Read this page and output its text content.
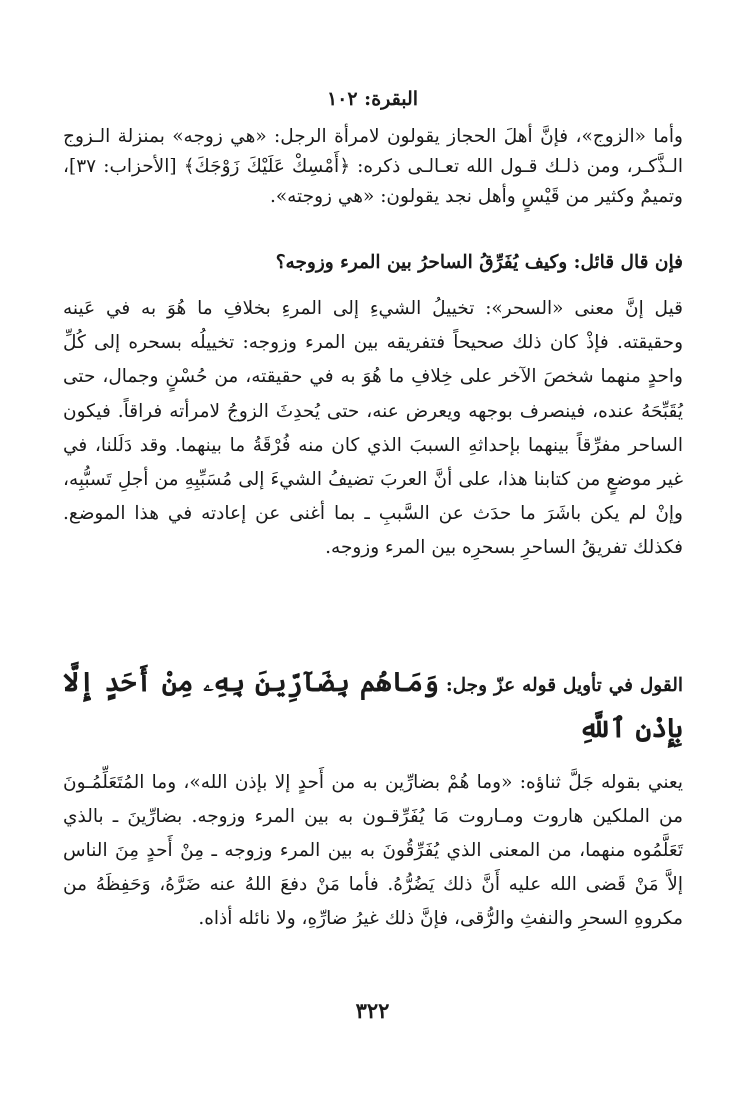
البقرة: ١٠٢

وأما «الزوج»، فإنَّ أهلَ الحجاز يقولون لامرأة الرجل: «هي زوجه» بمنزلة الـزوج الـذَّكـر، ومن ذلـك قـول الله تعـالـى ذكره: ﴿أَمْسِكْ عَلَيْكَ زَوْجَكَ﴾ [الأحزاب: ٣٧]، وتميمٌ وكثير من قَيْسٍ وأهل نجد يقولون: «هي زوجته».

فإن قال قائل: وكيف يُفَرِّقُ الساحرُ بين المرء وزوجه؟

قيل إنَّ معنى «السحر»: تخييلُ الشيءِ إلى المرءِ بخلافِ ما هُوَ به في عَينه وحقيقته. فإذْ كان ذلك صحيحاً فتفريقه بين المرء وزوجه: تخييلُه بسحره إلى كُلِّ واحدٍ منهما شخصَ الآخر على خِلافِ ما هُوَ به في حقيقته، من حُسْنٍ وجمال، حتى يُقَبِّحَهُ عنده، فينصرف بوجهه ويعرض عنه، حتى يُحدِثَ الزوجُ لامرأته فراقاً. فيكون الساحر مفرِّقاً بينهما بإحداثهِ السببَ الذي كان منه فُرْقَةُ ما بينهما. وقد دَلَلنا، في غير موضعٍ من كتابنا هذا، على أنَّ العربَ تضيفُ الشيءَ إلى مُسَبِّبِهِ من أجلِ تَسبُّبِه، وإنْ لم يكن باشَرَ ما حدَث عن السَّببِ ـ بما أغنى عن إعادته في هذا الموضع. فكذلك تفريقُ الساحرِ بسحرِه بين المرء وزوجه.

القول في تأويل قوله عزّ وجل: وَمَاهُم بِضَآرِّينَ بِهِۦ مِنْ أَحَدٍ إِلَّا بِإِذْنِ ٱللَّهِ

يعني بقوله جَلَّ ثناؤه: «وما هُمْ بضارِّين به من أَحدٍ إلا بإذن الله»، وما المُتَعَلِّمُـونَ من الملكين هاروت ومـاروت مَا يُفَرِّقـون به بين المرء وزوجه. بضارِّينَ ـ بالذي تَعَلَّمُوه منهما، من المعنى الذي يُفَرِّقُونَ به بين المرء وزوجه ـ مِنْ أَحدٍ مِنَ الناس إلاَّ مَنْ قَضى الله عليه أَنَّ ذلك يَضُرُّهُ. فأما مَنْ دفعَ اللهُ عنه ضَرَّهُ، وَحَفِظَهُ من مكروهِ السحرِ والنفثِ والرُّقى، فإنَّ ذلك غيرُ ضارِّهِ، ولا نائله أذاه.

٣٢٢
